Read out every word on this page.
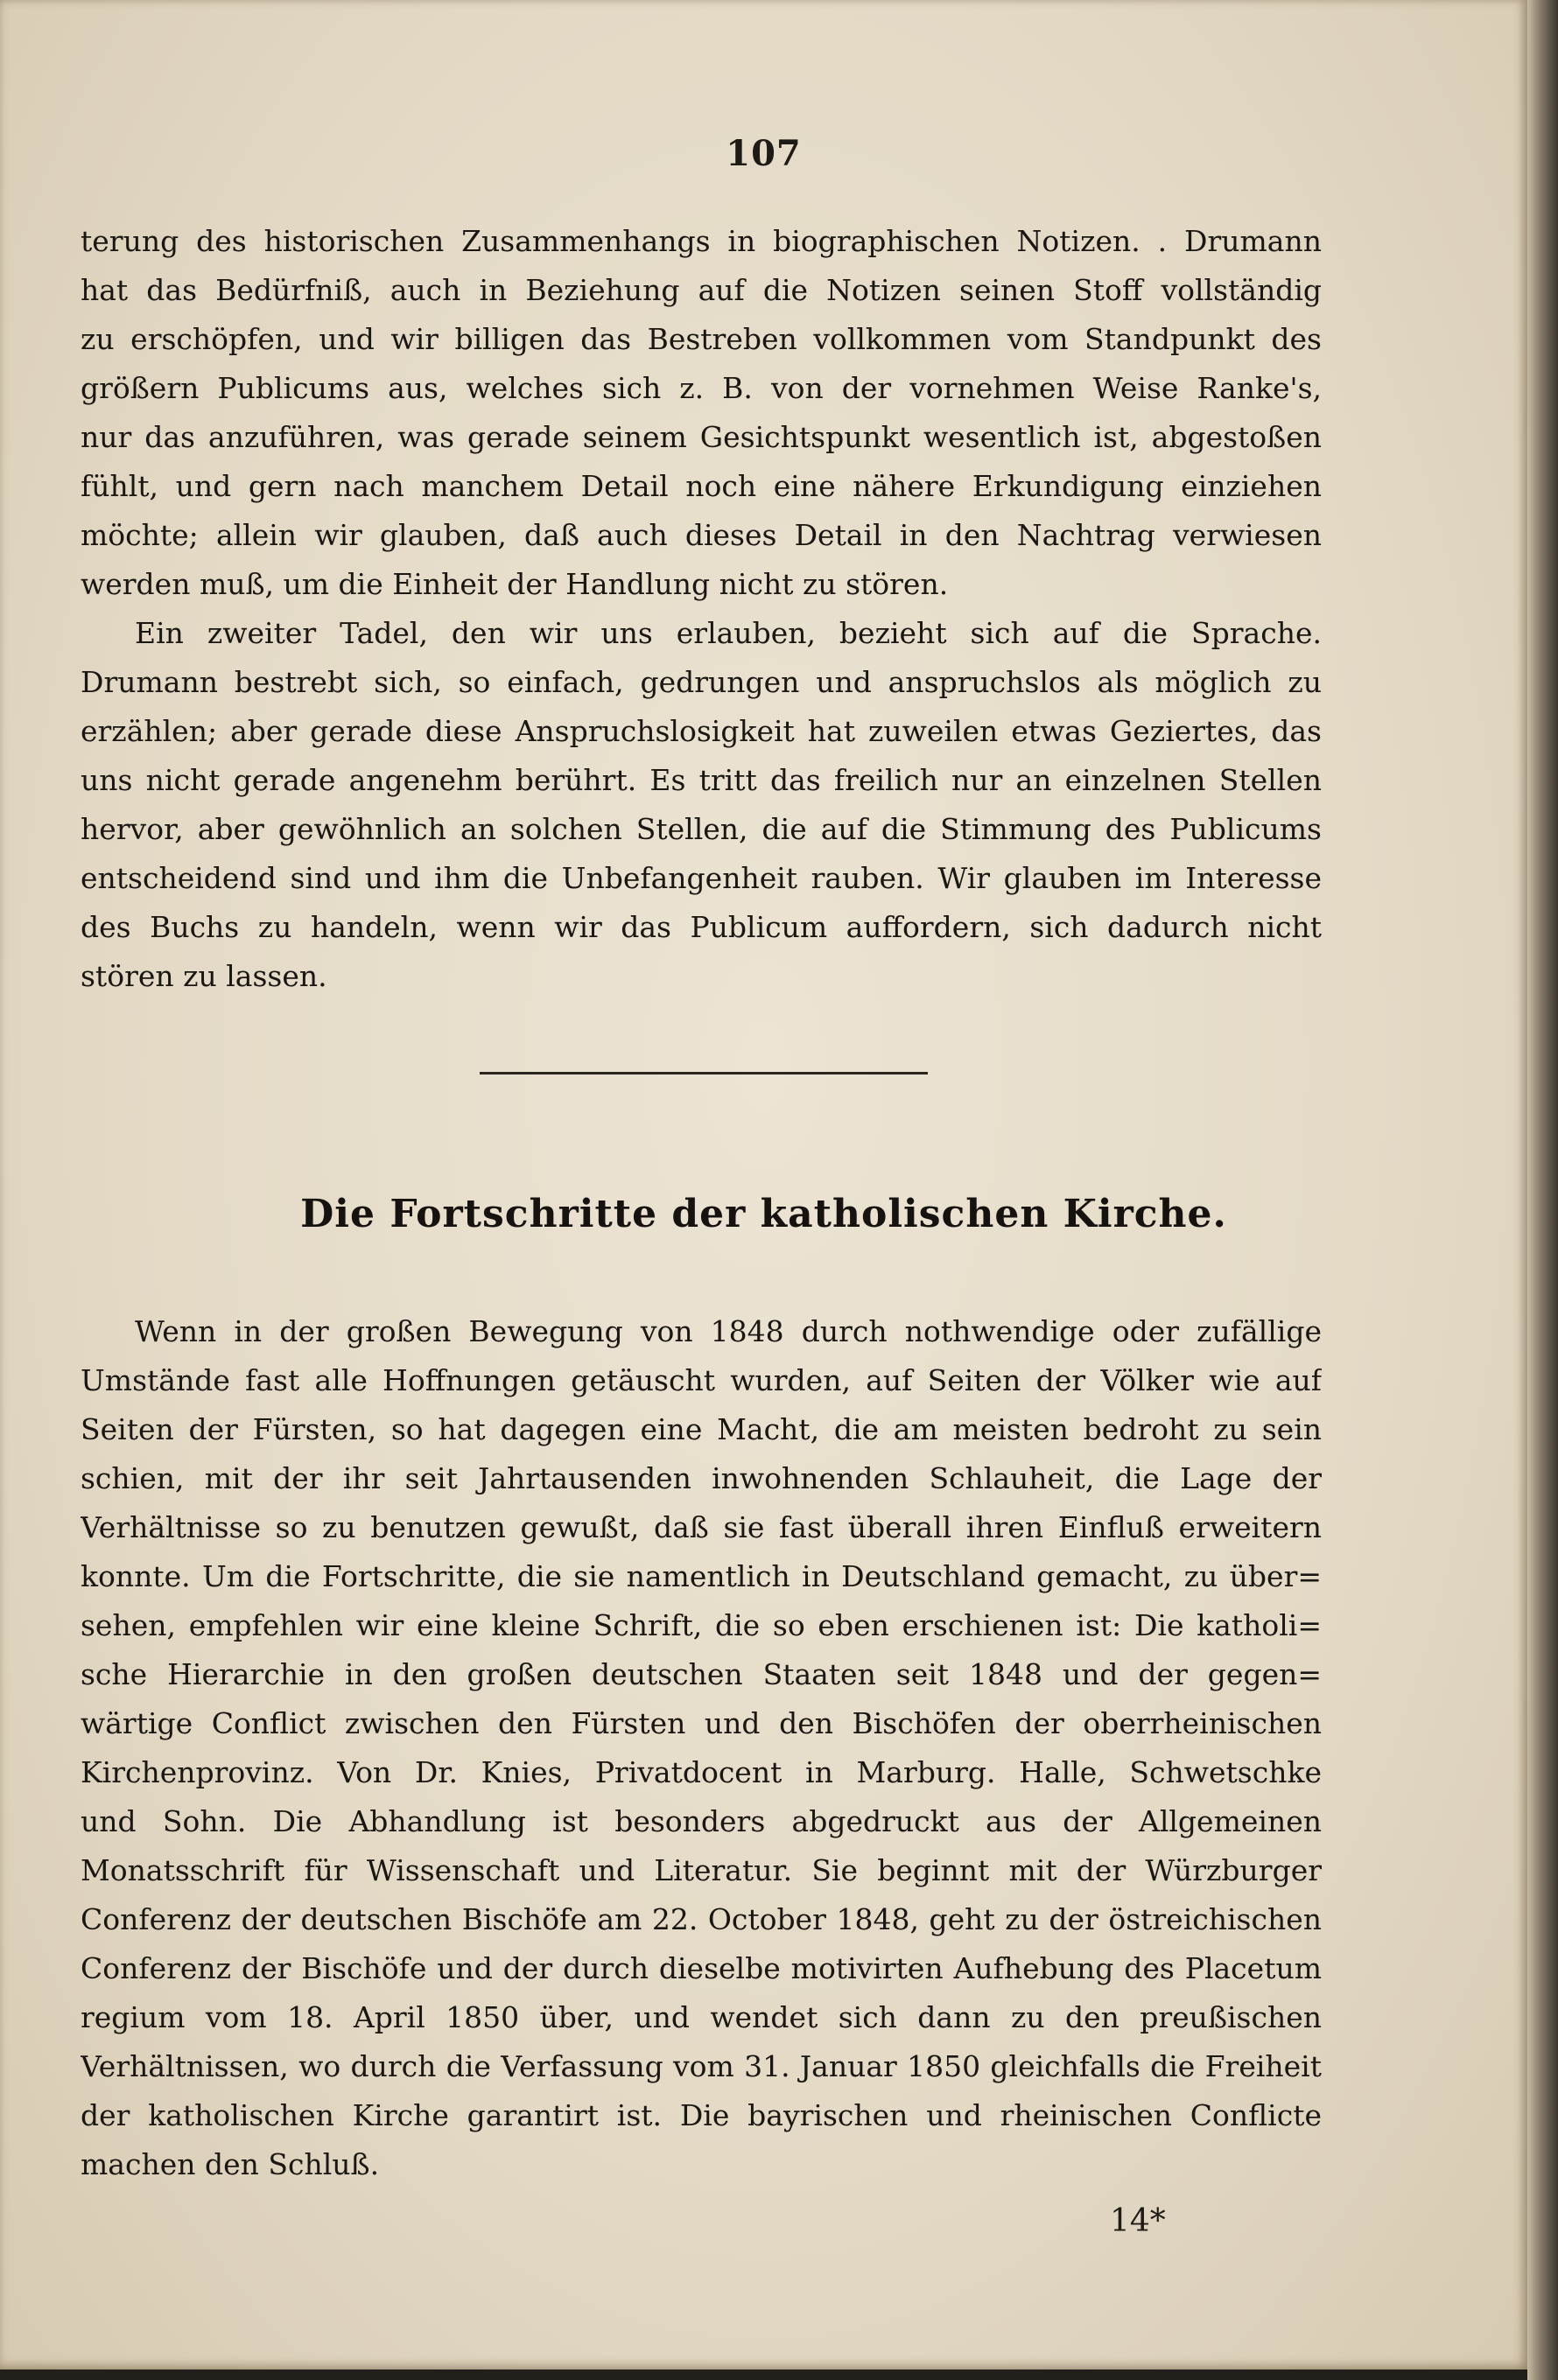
107
terung des historischen Zusammenhangs in biographischen Notizen. . Drumann
hat das Bedürfniß, auch in Beziehung auf die Notizen seinen Stoff vollständig
zu erschöpfen, und wir billigen das Bestreben vollkommen vom Standpunkt des
größern Publicums aus, welches sich z. B. von der vornehmen Weise Ranke's,
nur das anzuführen, was gerade seinem Gesichtspunkt wesentlich ist, abgestoßen
fühlt, und gern nach manchem Detail noch eine nähere Erkundigung einziehen
möchte; allein wir glauben, daß auch dieses Detail in den Nachtrag verwiesen
werden muß, um die Einheit der Handlung nicht zu stören.
Ein zweiter Tadel, den wir uns erlauben, bezieht sich auf die Sprache.
Drumann bestrebt sich, so einfach, gedrungen und anspruchslos als möglich zu
erzählen; aber gerade diese Anspruchslosigkeit hat zuweilen etwas Geziertes, das
uns nicht gerade angenehm berührt. Es tritt das freilich nur an einzelnen Stellen
hervor, aber gewöhnlich an solchen Stellen, die auf die Stimmung des Publicums
entscheidend sind und ihm die Unbefangenheit rauben. Wir glauben im Interesse
des Buchs zu handeln, wenn wir das Publicum auffordern, sich dadurch nicht
stören zu lassen.
Die Fortschritte der katholischen Kirche.
Wenn in der großen Bewegung von 1848 durch nothwendige oder zufällige
Umstände fast alle Hoffnungen getäuscht wurden, auf Seiten der Völker wie auf
Seiten der Fürsten, so hat dagegen eine Macht, die am meisten bedroht zu sein
schien, mit der ihr seit Jahrtausenden inwohnenden Schlauheit, die Lage der
Verhältnisse so zu benutzen gewußt, daß sie fast überall ihren Einfluß erweitern
konnte. Um die Fortschritte, die sie namentlich in Deutschland gemacht, zu über=
sehen, empfehlen wir eine kleine Schrift, die so eben erschienen ist: Die katholi=
sche Hierarchie in den großen deutschen Staaten seit 1848 und der gegen=
wärtige Conflict zwischen den Fürsten und den Bischöfen der oberrheinischen
Kirchenprovinz. Von Dr. Knies, Privatdocent in Marburg. Halle, Schwetschke
und Sohn. Die Abhandlung ist besonders abgedruckt aus der Allgemeinen
Monatsschrift für Wissenschaft und Literatur. Sie beginnt mit der Würzburger
Conferenz der deutschen Bischöfe am 22. October 1848, geht zu der östreichischen
Conferenz der Bischöfe und der durch dieselbe motivirten Aufhebung des Placetum
regium vom 18. April 1850 über, und wendet sich dann zu den preußischen
Verhältnissen, wo durch die Verfassung vom 31. Januar 1850 gleichfalls die Freiheit
der katholischen Kirche garantirt ist. Die bayrischen und rheinischen Conflicte
machen den Schluß.
14*
